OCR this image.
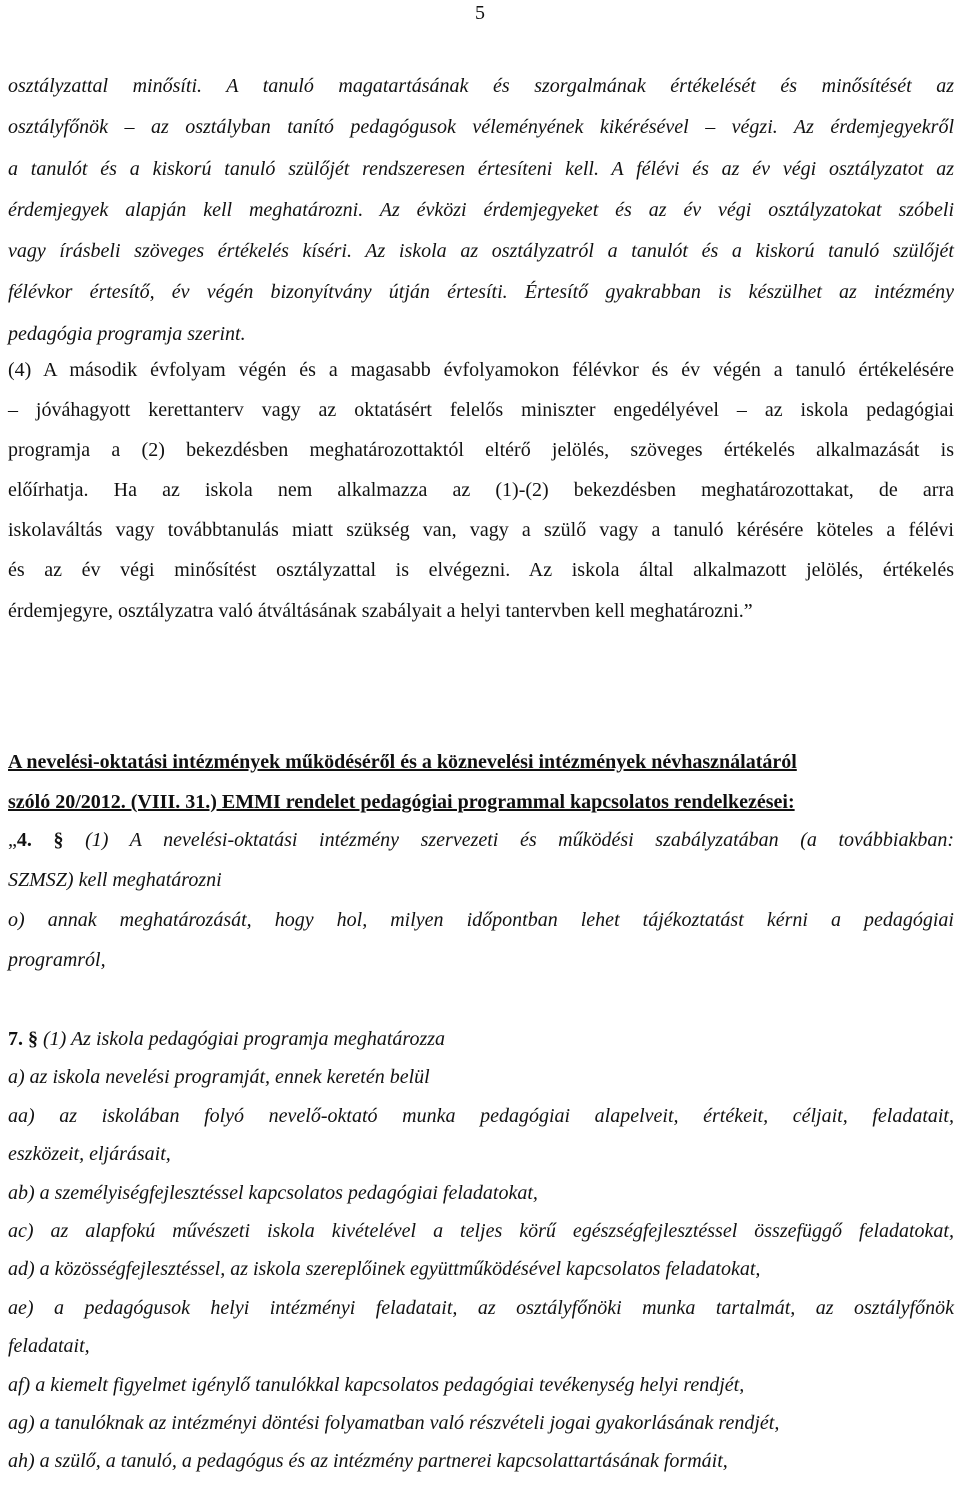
5
osztályzattal minősíti. A tanuló magatartásának és szorgalmának értékelését és minősítését az
osztályfőnök – az osztályban tanító pedagógusok véleményének kikérésével – végzi. Az érdemjegyekről
a tanulót és a kiskorú tanuló szülőjét rendszeresen értesíteni kell. A félévi és az év végi osztályzatot az
érdemjegyek alapján kell meghatározni. Az évközi érdemjegyeket és az év végi osztályzatokat szóbeli
vagy írásbeli szöveges értékelés kíséri. Az iskola az osztályzatról a tanulót és a kiskorú tanuló szülőjét
félévkor értesítő, év végén bizonyítvány útján értesíti. Értesítő gyakrabban is készülhet az intézmény
pedagógia programja szerint.
(4) A második évfolyam végén és a magasabb évfolyamokon félévkor és év végén a tanuló értékelésére
– jóváhagyott kerettanterv vagy az oktatásért felelős miniszter engedélyével – az iskola pedagógiai
programja a (2) bekezdésben meghatározottaktól eltérő jelölés, szöveges értékelés alkalmazását is
előírhatja. Ha az iskola nem alkalmazza az (1)-(2) bekezdésben meghatározottakat, de arra
iskolaváltás vagy továbbtanulás miatt szükség van, vagy a szülő vagy a tanuló kérésére köteles a félévi
és az év végi minősítést osztályzattal is elvégezni. Az iskola által alkalmazott jelölés, értékelés
érdemjegyre, osztályzatra való átváltásának szabályait a helyi tantervben kell meghatározni.”
A nevelési-oktatási intézmények működéséről és a köznevelési intézmények névhasználatáról
szóló 20/2012. (VIII. 31.) EMMI rendelet pedagógiai programmal kapcsolatos rendelkezései:
„4. § (1) A nevelési-oktatási intézmény szervezeti és működési szabályzatában (a továbbiakban:
SZMSZ) kell meghatározni
o) annak meghatározását, hogy hol, milyen időpontban lehet tájékoztatást kérni a pedagógiai
programról,
7. § (1) Az iskola pedagógiai programja meghatározza
a) az iskola nevelési programját, ennek keretén belül
aa) az iskolában folyó nevelő-oktató munka pedagógiai alapelveit, értékeit, céljait, feladatait,
eszközeit, eljárásait,
ab) a személyiségfejlesztéssel kapcsolatos pedagógiai feladatokat,
ac) az alapfokú művészeti iskola kivételével a teljes körű egészségfejlesztéssel összefüggő feladatokat,
ad) a közösségfejlesztéssel, az iskola szereplőinek együttműködésével kapcsolatos feladatokat,
ae) a pedagógusok helyi intézményi feladatait, az osztályfőnöki munka tartalmát, az osztályfőnök
feladatait,
af) a kiemelt figyelmet igénylő tanulókkal kapcsolatos pedagógiai tevékenység helyi rendjét,
ag) a tanulóknak az intézményi döntési folyamatban való részvételi jogai gyakorlásának rendjét,
ah) a szülő, a tanuló, a pedagógus és az intézmény partnerei kapcsolattartásának formáit,
